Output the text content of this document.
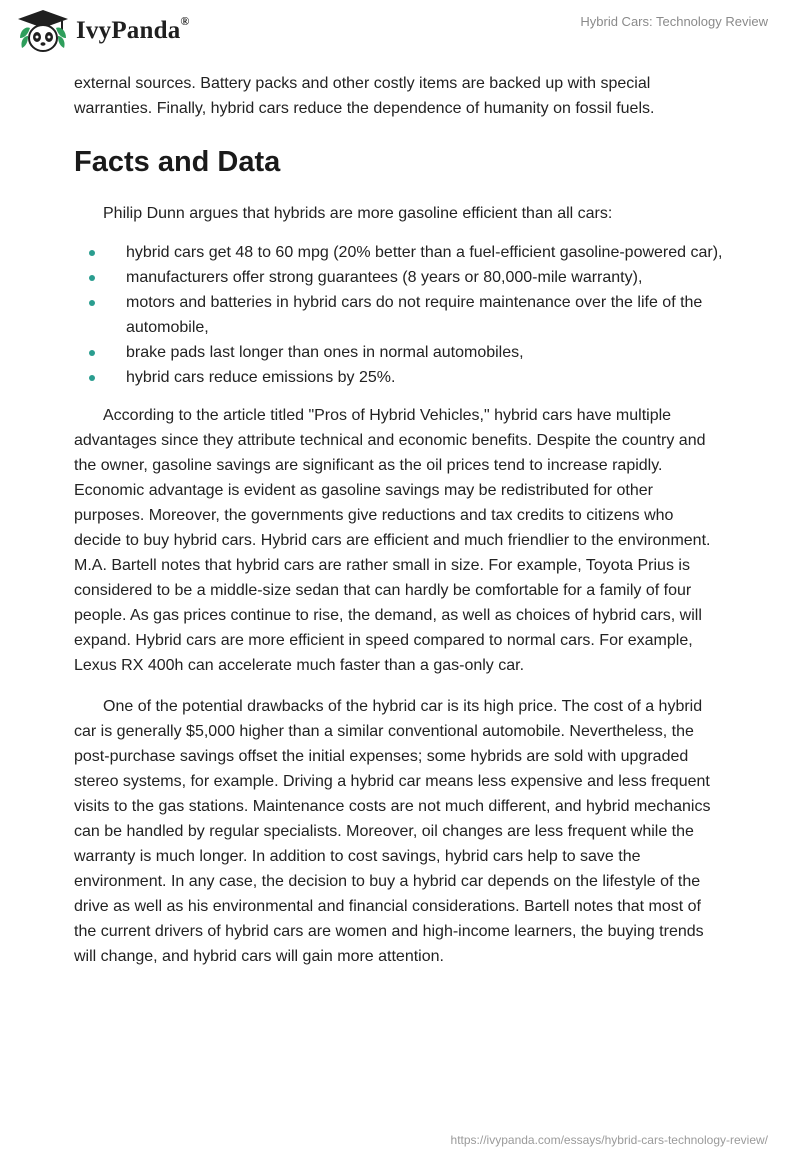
IvyPanda®	Hybrid Cars: Technology Review

external sources. Battery packs and other costly items are backed up with special warranties. Finally, hybrid cars reduce the dependence of humanity on fossil fuels.

Facts and Data

Philip Dunn argues that hybrids are more gasoline efficient than all cars:

hybrid cars get 48 to 60 mpg (20% better than a fuel-efficient gasoline-powered car),
manufacturers offer strong guarantees (8 years or 80,000-mile warranty),
motors and batteries in hybrid cars do not require maintenance over the life of the automobile,
brake pads last longer than ones in normal automobiles,
hybrid cars reduce emissions by 25%.

According to the article titled "Pros of Hybrid Vehicles," hybrid cars have multiple advantages since they attribute technical and economic benefits. Despite the country and the owner, gasoline savings are significant as the oil prices tend to increase rapidly. Economic advantage is evident as gasoline savings may be redistributed for other purposes. Moreover, the governments give reductions and tax credits to citizens who decide to buy hybrid cars. Hybrid cars are efficient and much friendlier to the environment. M.A. Bartell notes that hybrid cars are rather small in size. For example, Toyota Prius is considered to be a middle-size sedan that can hardly be comfortable for a family of four people. As gas prices continue to rise, the demand, as well as choices of hybrid cars, will expand. Hybrid cars are more efficient in speed compared to normal cars. For example, Lexus RX 400h can accelerate much faster than a gas-only car.

One of the potential drawbacks of the hybrid car is its high price. The cost of a hybrid car is generally $5,000 higher than a similar conventional automobile. Nevertheless, the post-purchase savings offset the initial expenses; some hybrids are sold with upgraded stereo systems, for example. Driving a hybrid car means less expensive and less frequent visits to the gas stations. Maintenance costs are not much different, and hybrid mechanics can be handled by regular specialists. Moreover, oil changes are less frequent while the warranty is much longer. In addition to cost savings, hybrid cars help to save the environment. In any case, the decision to buy a hybrid car depends on the lifestyle of the drive as well as his environmental and financial considerations. Bartell notes that most of the current drivers of hybrid cars are women and high-income learners, the buying trends will change, and hybrid cars will gain more attention.

https://ivypanda.com/essays/hybrid-cars-technology-review/
